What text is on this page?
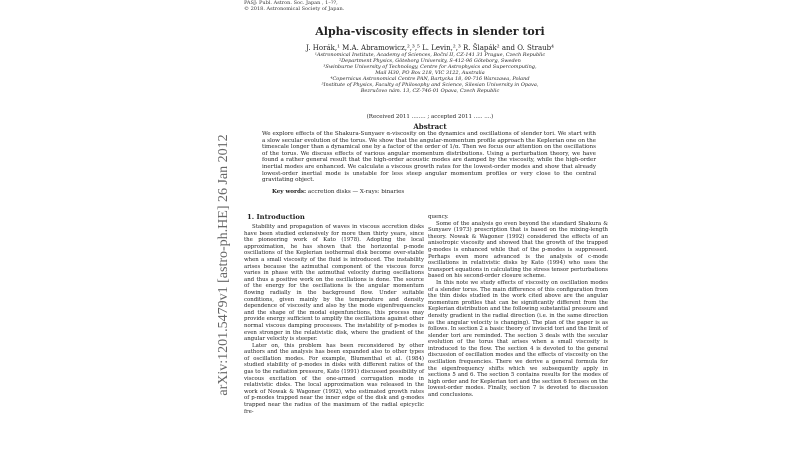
arXiv:1201.5479v1 [astro-ph.HE] 26 Jan 2012
PASJ: Publ. Astron. Soc. Japan , 1–??,
© 2018. Astronomical Society of Japan.
Alpha-viscosity effects in slender tori
J. Horák,¹ M.A. Abramowicz,²,³,⁵ L. Levin,²,³ R. Šlapák² and O. Straub⁴
¹Astronomical Institute, Academy of Sciences, Boční II, CZ-141 31 Prague, Czech Republic
²Department Physics, Göteborg University, S-412-96 Göteborg, Sweden
³Swinburne University of Technology, Centre for Astrophysics and Supercomputing,
Mail H30, PO Box 218, VIC 3122, Australia
⁴Copernicus Astronomical Centre PAN, Bartycka 18, 00-716 Warszawa, Poland
⁵Institute of Physics, Faculty of Philosophy and Science, Silesian University in Opava,
Bezručovo nám. 13, CZ-746-01 Opava, Czech Republic
(Received 2011 ........ ; accepted 2011 ..... ....)
Abstract
We explore effects of the Shakura-Sunyaev α-viscosity on the dynamics and oscillations of slender tori. We start with a slow secular evolution of the torus. We show that the angular-momentum profile approach the Keplerian one on the timescale longer than a dynamical one by a factor of the order of 1/α. Then we focus our attention on the oscillations of the torus. We discuss effects of various angular momentum distributions. Using a perturbation theory, we have found a rather general result that the high-order acoustic modes are damped by the viscosity, while the high-order inertial modes are enhanced. We calculate a viscous growth rates for the lowest-order modes and show that already lowest-order inertial mode is unstable for less steep angular momentum profiles or very close to the central gravitating object.
Key words: accretion disks — X-rays: binaries
1. Introduction

Stability and propagation of waves in viscous accretion disks have been studied extensively for more then thirty years, since the pioneering work of Kato (1978). Adopting the local approximation, he has shown that the horizontal p-mode oscillations of the Keplerian isothermal disk become over-stable when a small viscosity of the fluid is introduced. The instability arises because the azimuthal component of the viscous force varies in phase with the azimuthal velocity during oscillations and thus a positive work on the oscillations is done. The source of the energy for the oscillations is the angular momentum flowing radially in the background flow. Under suitable conditions, given mainly by the temperature and density dependence of viscosity and also by the mode eigenfrequencies and the shape of the modal eigenfunctions, this process may provide energy sufficient to amplify the oscillations against other normal viscous damping processes. The instability of p-modes is even stronger in the relativistic disk, where the gradient of the angular velocity is steeper.

Later on, this problem has been reconsidered by other authors and the analysis has been expanded also to other types of oscillation modes. For example, Blumenthal et al. (1984) studied stability of p-modes in disks with different ratios of the gas to the radiation pressure, Kato (1991) discussed possibility of viscous excitation of the one-armed corrugation mode in relativistic disks. The local approximation was released in the work of Nowak & Wagoner (1992), who estimated growth rates of p-modes trapped near the inner edge of the disk and g-modes trapped near the radius of the maximum of the radial epicyclic fre-

quency.

Some of the analysis go even beyond the standard Shakura & Sunyaev (1973) prescription that is based on the mixing-length theory. Nowak & Wagoner (1992) considered the effects of an anisotropic viscosity and showed that the growth of the trapped g-modes is enhanced while that of the p-modes is suppressed. Perhaps even more advanced is the analysis of c-mode oscillations in relativistic disks by Kato (1994) who uses the transport equations in calculating the stress tensor perturbations based on his second-order closure scheme.

In this note we study effects of viscosity on oscillation modes of a slender torus. The main difference of this configuration from the thin disks studied in the work cited above are the angular momentum profiles that can be significantly different from the Keplerian distribution and the following substantial pressure and density gradient in the radial direction (i.e. in the same direction as the angular velocity is changing). The plan of the paper is as follows. In section 2 a basic theory of inviscid tori and the limit of slender tori are reminded. The section 3 deals with the secular evolution of the torus that arises when a small viscosity is introduced to the flow. The section 4 is devoted to the general discussion of oscillation modes and the effects of viscosity on the oscillation frequencies. There we derive a general formula for the eigenfrequency shifts which we subsequently apply in sections 5 and 6. The section 5 contains results for the modes of high order and for Keplerian tori and the section 6 focuses on the lowest-order modes. Finally, section 7 is devoted to discussion and conclusions.
